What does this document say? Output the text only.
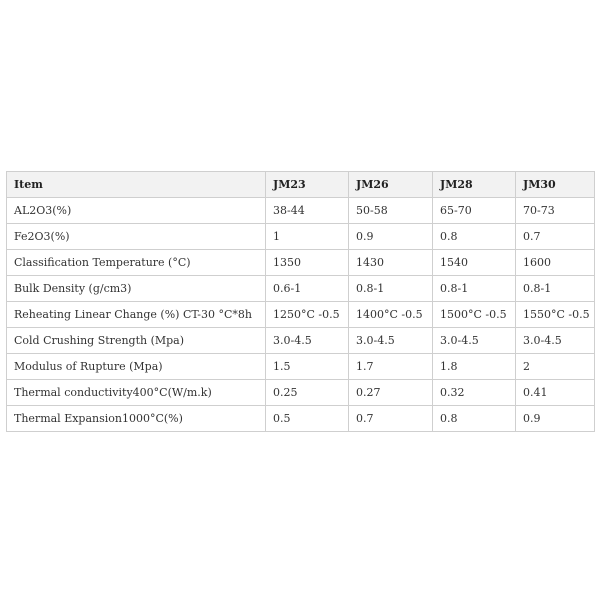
Item	JM23	JM26	JM28	JM30
AL2O3(%)	38-44	50-58	65-70	70-73
Fe2O3(%)	1	0.9	0.8	0.7
Classification Temperature (°C)	1350	1430	1540	1600
Bulk Density (g/cm3)	0.6-1	0.8-1	0.8-1	0.8-1
Reheating Linear Change (%) CT-30 °C*8h	1250°C -0.5	1400°C -0.5	1500°C -0.5	1550°C -0.5
Cold Crushing Strength (Mpa)	3.0-4.5	3.0-4.5	3.0-4.5	3.0-4.5
Modulus of Rupture (Mpa)	1.5	1.7	1.8	2
Thermal conductivity400°C(W/m.k)	0.25	0.27	0.32	0.41
Thermal Expansion1000°C(%)	0.5	0.7	0.8	0.9
